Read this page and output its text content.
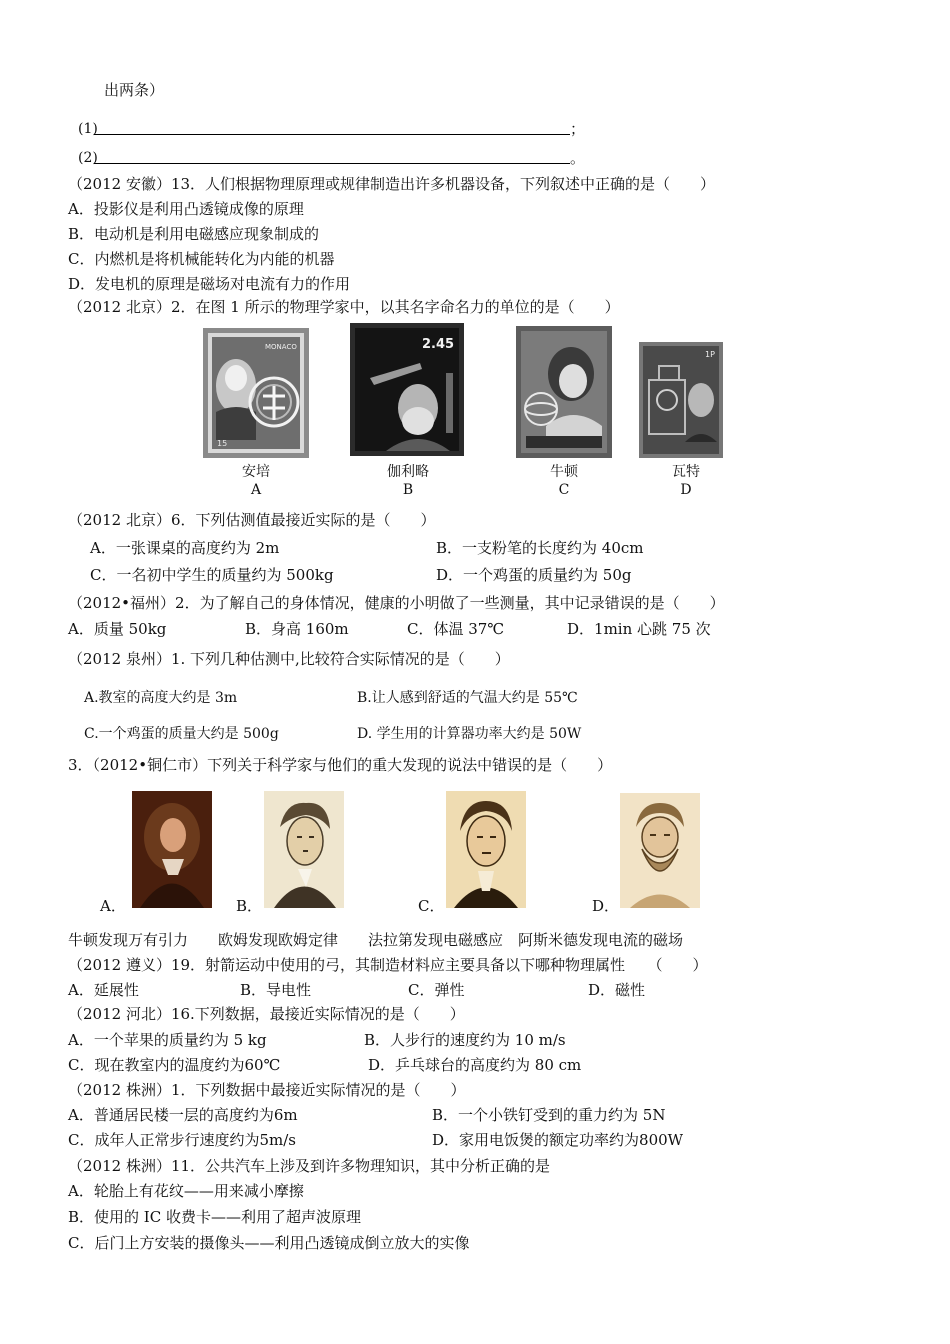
出两条）
(1)	；
(2)	。
（2012 安徽）13．人们根据物理原理或规律制造出许多机器设备，下列叙述中正确的是（　　）
A．投影仪是利用凸透镜成像的原理
B．电动机是利用电磁感应现象制成的
C．内燃机是将机械能转化为内能的机器
D．发电机的原理是磁场对电流有力的作用
（2012 北京）2．在图 1 所示的物理学家中，以其名字命名力的单位的是（　　）
MONACO
15
2.45
1P
安培
A
伽利略
B
牛顿
C
瓦特
D
（2012 北京）6．下列估测值最接近实际的是（　　）
A．一张课桌的高度约为 2m	B．一支粉笔的长度约为 40cm
C．一名初中学生的质量约为 500kg	D．一个鸡蛋的质量约为 50g
（2012•福州）2．为了解自己的身体情况，健康的小明做了一些测量，其中记录错误的是（　　）
A．质量 50kg	B．身高 160m	C．体温 37℃	D．1min 心跳 75 次
（2012 泉州）1. 下列几种估测中,比较符合实际情况的是（　　）
A.教室的高度大约是 3m	B.让人感到舒适的气温大约是 55℃
C.一个鸡蛋的质量大约是 500g	D. 学生用的计算器功率大约是 50W
3．（2012•铜仁市）下列关于科学家与他们的重大发现的说法中错误的是（　　）
A．	B．	C．	D．
牛顿发现万有引力　　欧姆发现欧姆定律　　法拉第发现电磁感应　阿斯米德发现电流的磁场
（2012 遵义）19．射箭运动中使用的弓，其制造材料应主要具备以下哪种物理属性　　（　　）
A．延展性	B．导电性	C．弹性	D．磁性
（2012 河北）16.下列数据，最接近实际情况的是（　　）
A．一个苹果的质量约为 5 kg	B．人步行的速度约为 10 m/s
C．现在教室内的温度约为60℃	D．乒乓球台的高度约为 80 cm
（2012 株洲）1．下列数据中最接近实际情况的是（　　）
A．普通居民楼一层的高度约为6m	B．一个小铁钉受到的重力约为 5N
C．成年人正常步行速度约为5m/s	D．家用电饭煲的额定功率约为800W
（2012 株洲）11．公共汽车上涉及到许多物理知识，其中分析正确的是
A．轮胎上有花纹——用来减小摩擦
B．使用的 IC 收费卡——利用了超声波原理
C．后门上方安装的摄像头——利用凸透镜成倒立放大的实像
